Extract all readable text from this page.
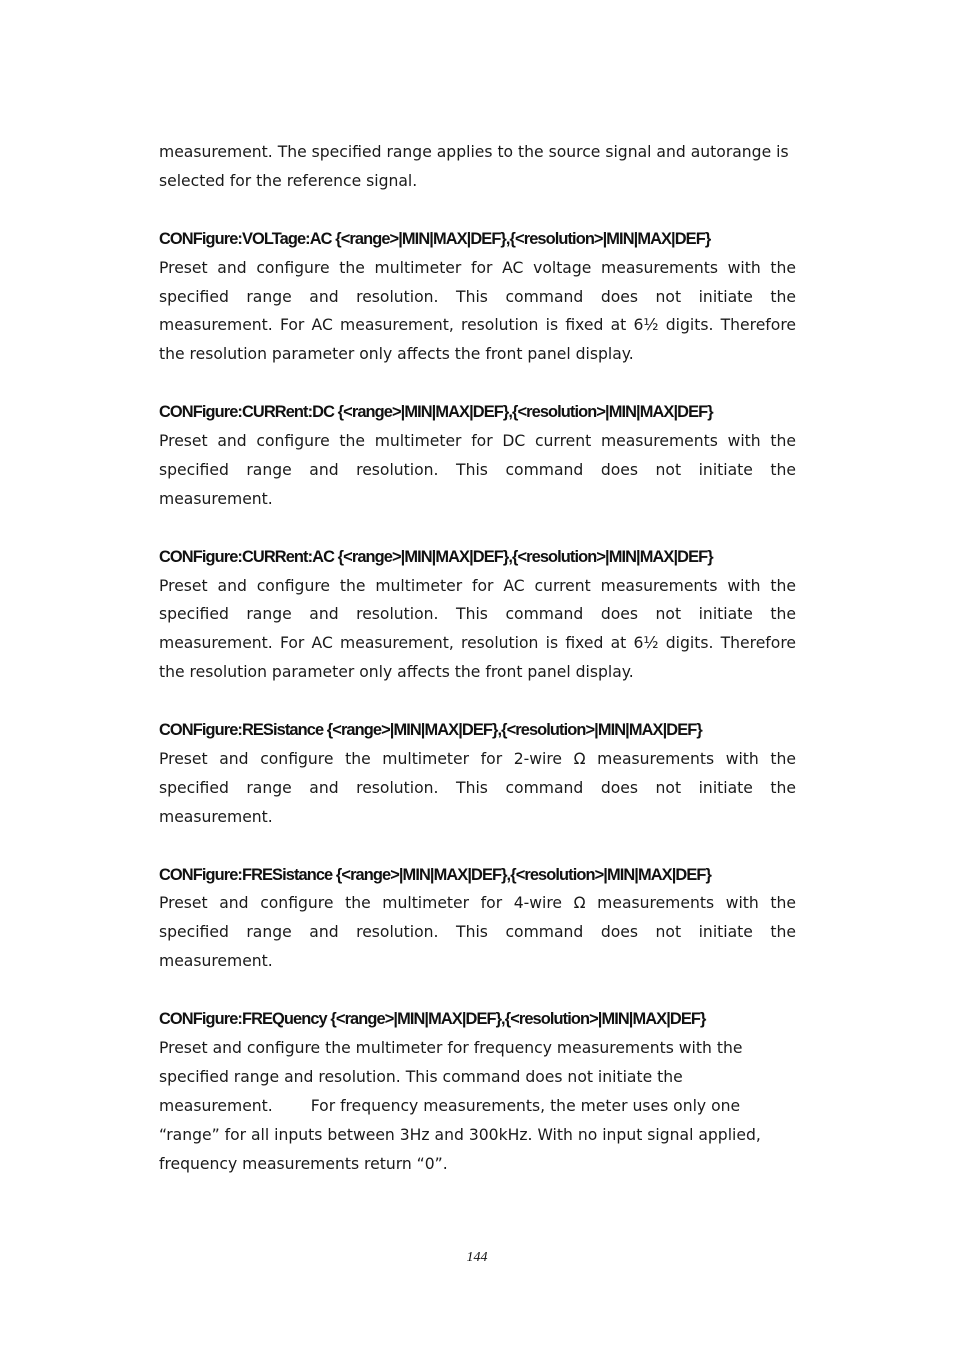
measurement. The specified range applies to the source signal and autorange is
selected for the reference signal.

CONFigure:VOLTage:AC {<range>|MIN|MAX|DEF},{<resolution>|MIN|MAX|DEF}

Preset and configure the multimeter for AC voltage measurements with the specified range and resolution. This command does not initiate the measurement. For AC measurement, resolution is fixed at 6½ digits. Therefore the resolution parameter only affects the front panel display.

CONFigure:CURRent:DC {<range>|MIN|MAX|DEF},{<resolution>|MIN|MAX|DEF}

Preset and configure the multimeter for DC current measurements with the specified range and resolution. This command does not initiate the measurement.

CONFigure:CURRent:AC {<range>|MIN|MAX|DEF},{<resolution>|MIN|MAX|DEF}

Preset and configure the multimeter for AC current measurements with the specified range and resolution. This command does not initiate the measurement. For AC measurement, resolution is fixed at 6½ digits. Therefore the resolution parameter only affects the front panel display.

CONFigure:RESistance {<range>|MIN|MAX|DEF},{<resolution>|MIN|MAX|DEF}

Preset and configure the multimeter for 2-wire Ω measurements with the specified range and resolution. This command does not initiate the measurement.

CONFigure:FRESistance {<range>|MIN|MAX|DEF},{<resolution>|MIN|MAX|DEF}

Preset and configure the multimeter for 4-wire Ω measurements with the specified range and resolution. This command does not initiate the measurement.

CONFigure:FREQuency {<range>|MIN|MAX|DEF},{<resolution>|MIN|MAX|DEF}

Preset and configure the multimeter for frequency measurements with the
specified range and resolution. This command does not initiate the
measurement. For frequency measurements, the meter uses only one
“range” for all inputs between 3Hz and 300kHz. With no input signal applied,
frequency measurements return “0”.

144
